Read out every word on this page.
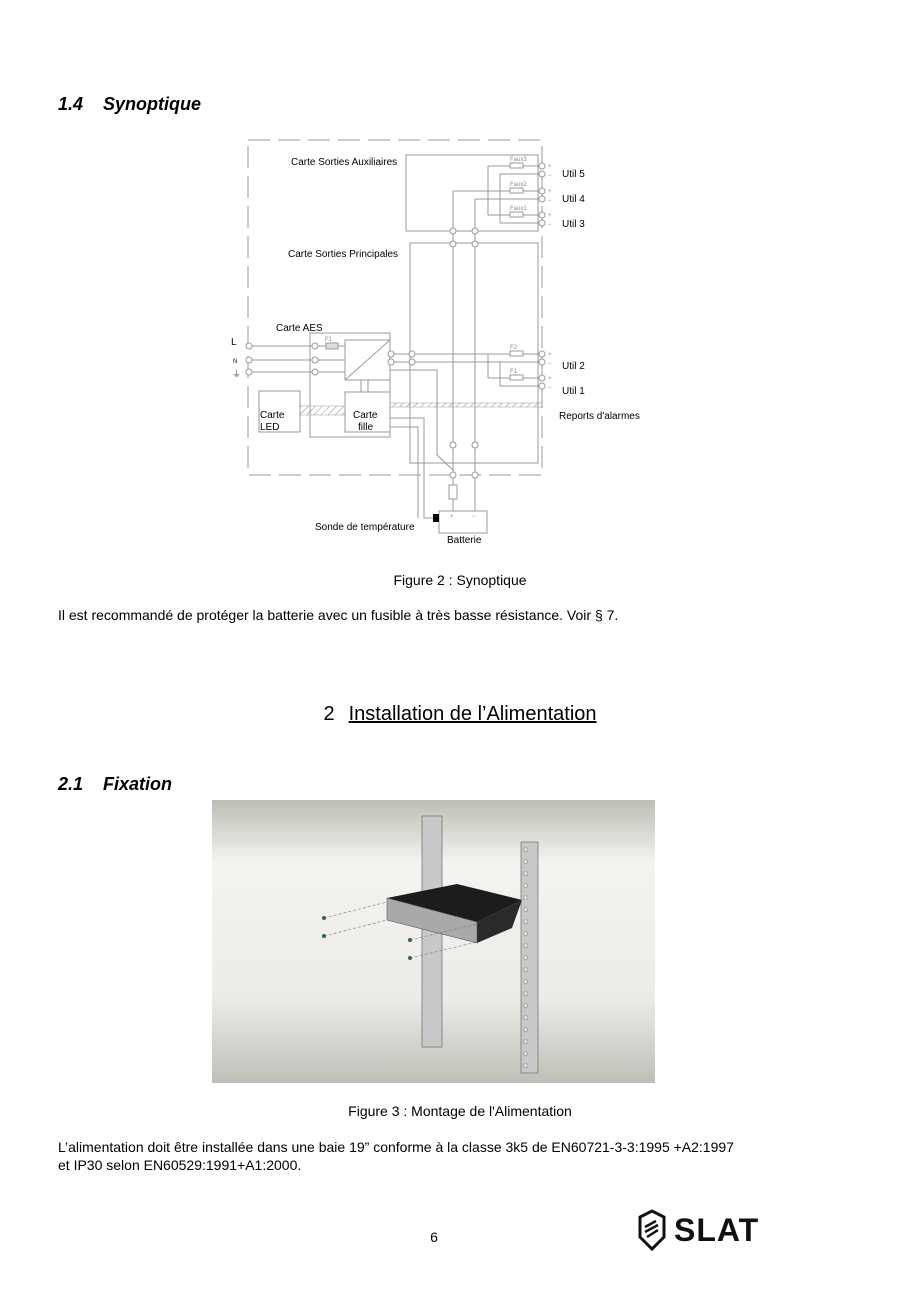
1.4 Synoptique
Carte Sorties Auxiliaires
Carte Sorties Principales
Carte AES
Carte
LED
Carte
fille
L
N
⏚
Util 5
Util 4
Util 3
Util 2
Util 1
Reports d'alarmes
Sonde de température
Batterie
Faux3
Faux2
Faux1
F2
F1
F1
+
−
+
−
+
−
+
−
+
−
+	−
Figure 2 : Synoptique
Il est recommandé de protéger la batterie avec un fusible à très basse résistance. Voir § 7.
2 Installation de l’Alimentation
2.1 Fixation
Figure 3 : Montage de l'Alimentation
L’alimentation doit être installée dans une baie 19” conforme à la classe 3k5 de EN60721-3-3:1995 +A2:1997
et IP30 selon EN60529:1991+A1:2000.
6	SLAT
